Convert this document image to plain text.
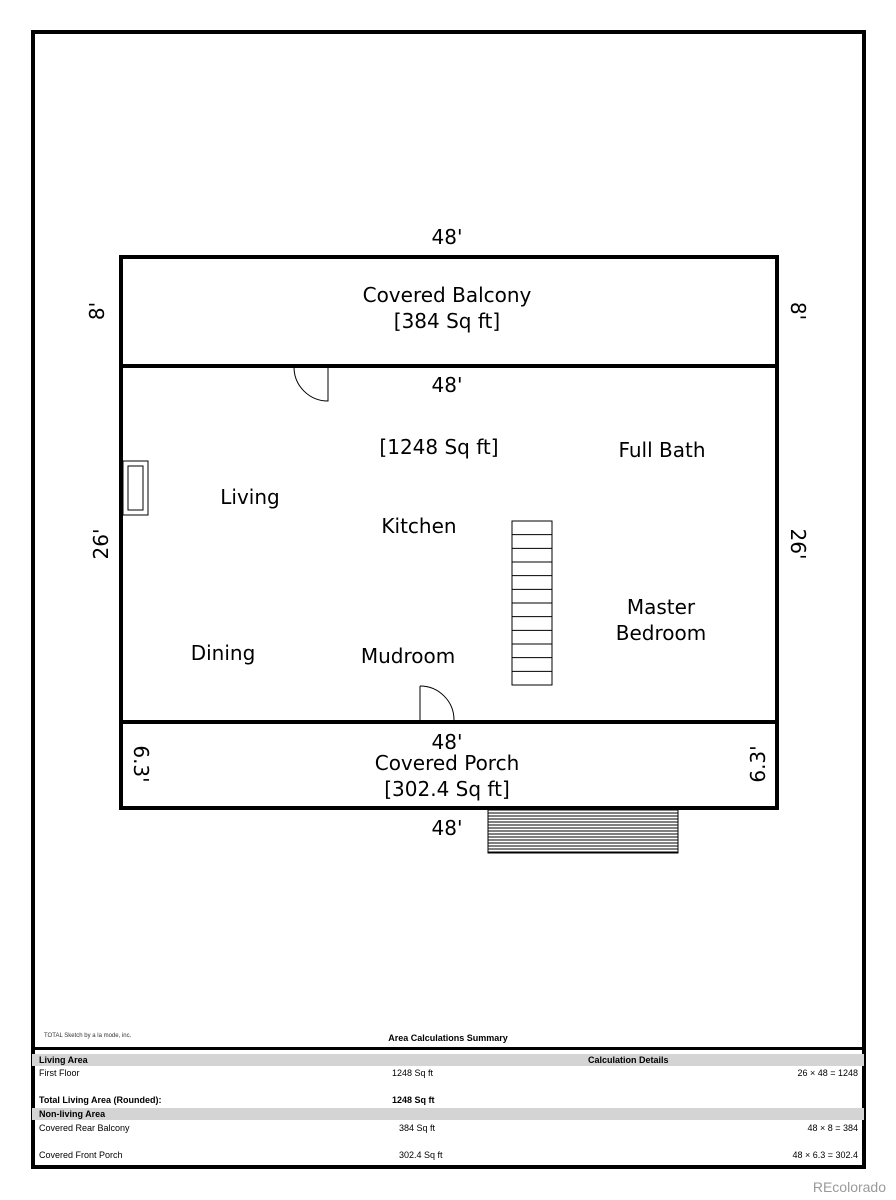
Covered Balcony
[384 Sq ft]
[1248 Sq ft]	Full Bath
Living
Kitchen
Master
Bedroom
Dining	Mudroom
Covered Porch
[302.4 Sq ft]
48'
48'
48'
48'
8'	8'
26'	26'
6.3'	6.3'
TOTAL Sketch by a la mode, inc.	Area Calculations Summary
Living Area	Calculation Details
First Floor	1248 Sq ft	26 × 48 = 1248
Total Living Area (Rounded):	1248 Sq ft
Non-living Area
Covered Rear Balcony	384 Sq ft	48 × 8 = 384
Covered Front Porch	302.4 Sq ft	48 × 6.3 = 302.4
REcolorado
